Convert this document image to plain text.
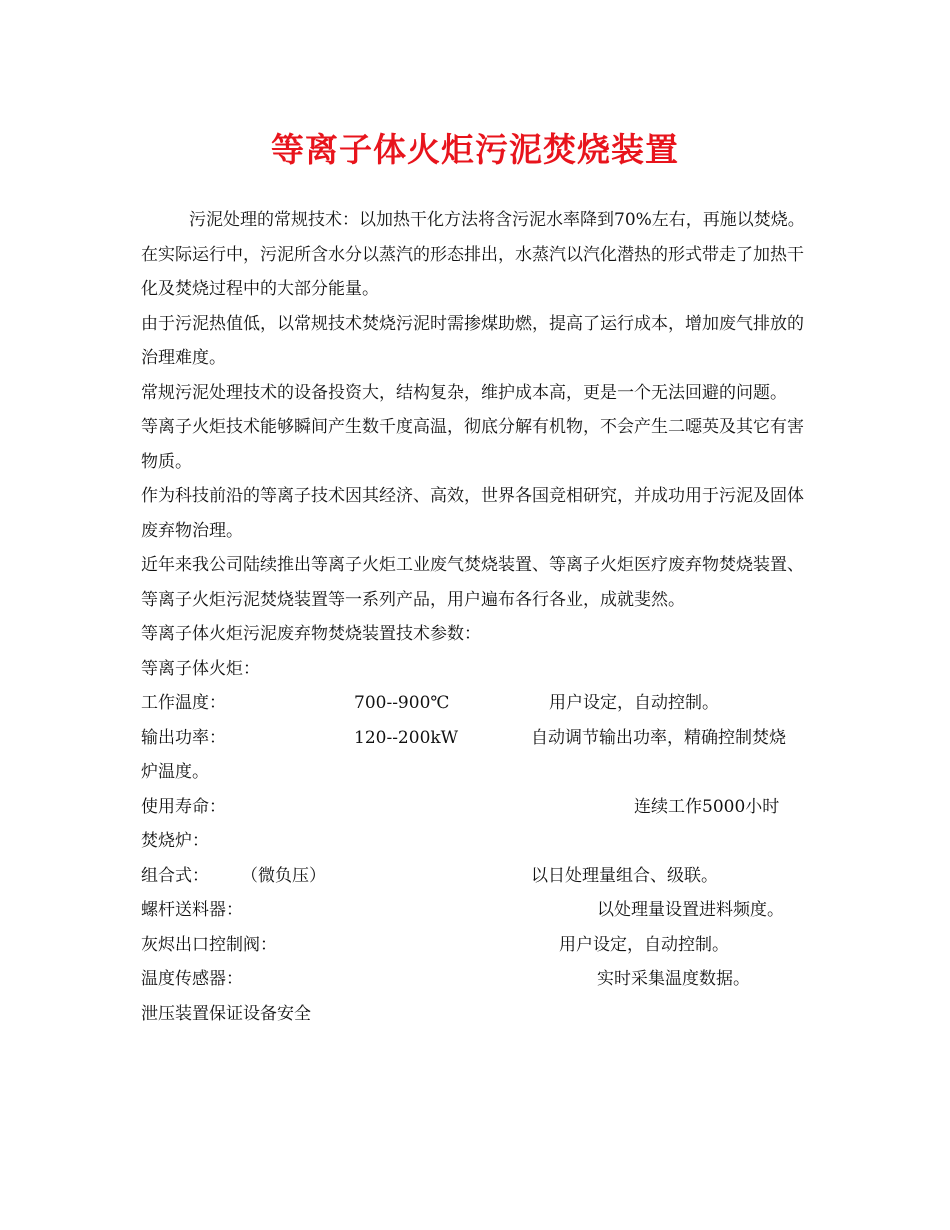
等离子体火炬污泥焚烧装置

污泥处理的常规技术：以加热干化方法将含污泥水率降到70%左右，再施以焚烧。

在实际运行中，污泥所含水分以蒸汽的形态排出，水蒸汽以汽化潜热的形式带走了加热干化及焚烧过程中的大部分能量。

由于污泥热值低，以常规技术焚烧污泥时需掺煤助燃，提高了运行成本，增加废气排放的治理难度。

常规污泥处理技术的设备投资大，结构复杂，维护成本高，更是一个无法回避的问题。

等离子火炬技术能够瞬间产生数千度高温，彻底分解有机物，不会产生二噁英及其它有害物质。

作为科技前沿的等离子技术因其经济、高效，世界各国竞相研究，并成功用于污泥及固体废弃物治理。

近年来我公司陆续推出等离子火炬工业废气焚烧装置、等离子火炬医疗废弃物焚烧装置、等离子火炬污泥焚烧装置等一系列产品，用户遍布各行各业，成就斐然。

等离子体火炬污泥废弃物焚烧装置技术参数：

等离子体火炬：
工作温度：	700--900℃	用户设定，自动控制。
输出功率：	120--200kW	自动调节输出功率，精确控制焚烧
炉温度。
使用寿命：	连续工作5000小时
焚烧炉：
组合式： （微负压）	以日处理量组合、级联。
螺杆送料器：	以处理量设置进料频度。
灰烬出口控制阀：	用户设定，自动控制。
温度传感器：	实时采集温度数据。
泄压装置保证设备安全
